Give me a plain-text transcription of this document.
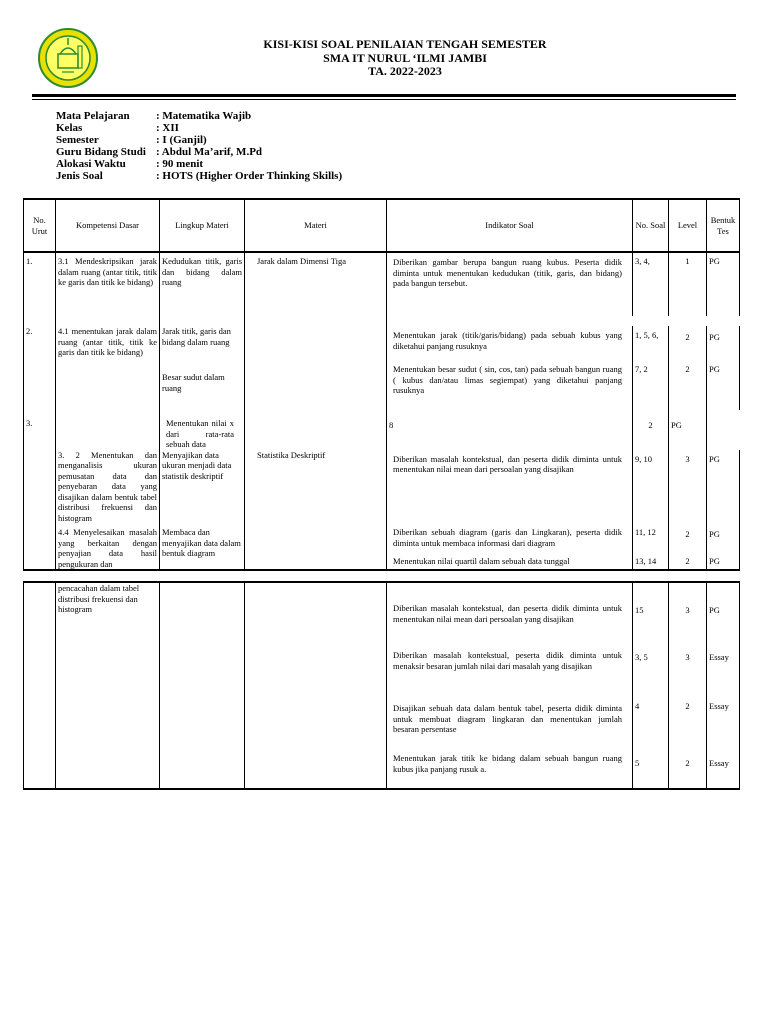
KISI-KISI SOAL PENILAIAN TENGAH SEMESTER
SMA IT NURUL ‘ILMI JAMBI
TA. 2022-2023
Mata Pelajaran	: Matematika Wajib
Kelas	: XII
Semester	: I (Ganjil)
Guru Bidang Studi : Abdul Ma’arif, M.Pd
Alokasi Waktu	: 90 menit
Jenis Soal	: HOTS (Higher Order Thinking Skills)
No. Urut	Kompetensi Dasar	Lingkup Materi	Materi	Indikator Soal	No. Soal	Level	Bentuk Tes
1.	3.1 Mendeskripsikan jarak dalam ruang (antar titik, titik ke garis dan titik ke bidang)	Kedudukan titik, garis dan bidang dalam ruang	Jarak dalam Dimensi Tiga	Diberikan gambar berupa bangun ruang kubus. Peserta didik diminta untuk menentukan kedudukan (titik, garis, dan bidang) pada bangun tersebut.	3, 4,	1	PG

2.	4.1 menentukan jarak dalam ruang (antar titik, titik ke garis dan titik ke bidang)	Jarak titik, garis dan bidang dalam ruang		Menentukan jarak (titik/garis/bidang) pada sebuah kubus yang diketahui panjang rusuknya	1, 5, 6,	2	PG
		Besar sudut dalam ruang		Menentukan besar sudut ( sin, cos, tan) pada sebuah bangun ruang ( kubus dan/atau limas segiempat) yang diketahui panjang rusuknya	7, 2	2	PG
3.		Menentukan nilai x dari rata-rata sebuah data		8	2	PG	
	3. 2 Menentukan dan menganalisis ukuran pemusatan data dan penyebaran data yang disajikan dalam bentuk tabel distribusi frekuensi dan histogram	Menyajikan data ukuran menjadi data statistik deskriptif	Statistika Deskriptif	Diberikan masalah kontekstual, dan peserta didik diminta untuk menentukan nilai mean dari persoalan yang disajikan	9, 10	3	PG
	4.4 Menyelesaikan masalah yang berkaitan dengan penyajian data hasil pengukuran dan	Membaca dan menyajikan data dalam bentuk diagram		Diberikan sebuah diagram (garis dan Lingkaran), peserta didik diminta untuk membaca informasi dari diagram	11, 12	2	PG
				Menentukan nilai quartil dalam sebuah data tunggal	13, 14	2	PG
	pencacahan dalam tabel distribusi frekuensi dan histogram			Diberikan masalah kontekstual, dan peserta didik diminta untuk menentukan nilai mean dari persoalan yang disajikan	15	3	PG
				Diberikan masalah kontekstual, peserta didik diminta untuk menaksir besaran jumlah nilai dari masalah yang disajikan	3, 5	3	Essay
				Disajikan sebuah data dalam bentuk tabel, peserta didik diminta untuk membuat diagram lingkaran dan menentukan jumlah besaran persentase	4	2	Essay
				Menentukan jarak titik ke bidang dalam sebuah bangun ruang kubus jika panjang rusuk a.	5	2	Essay
